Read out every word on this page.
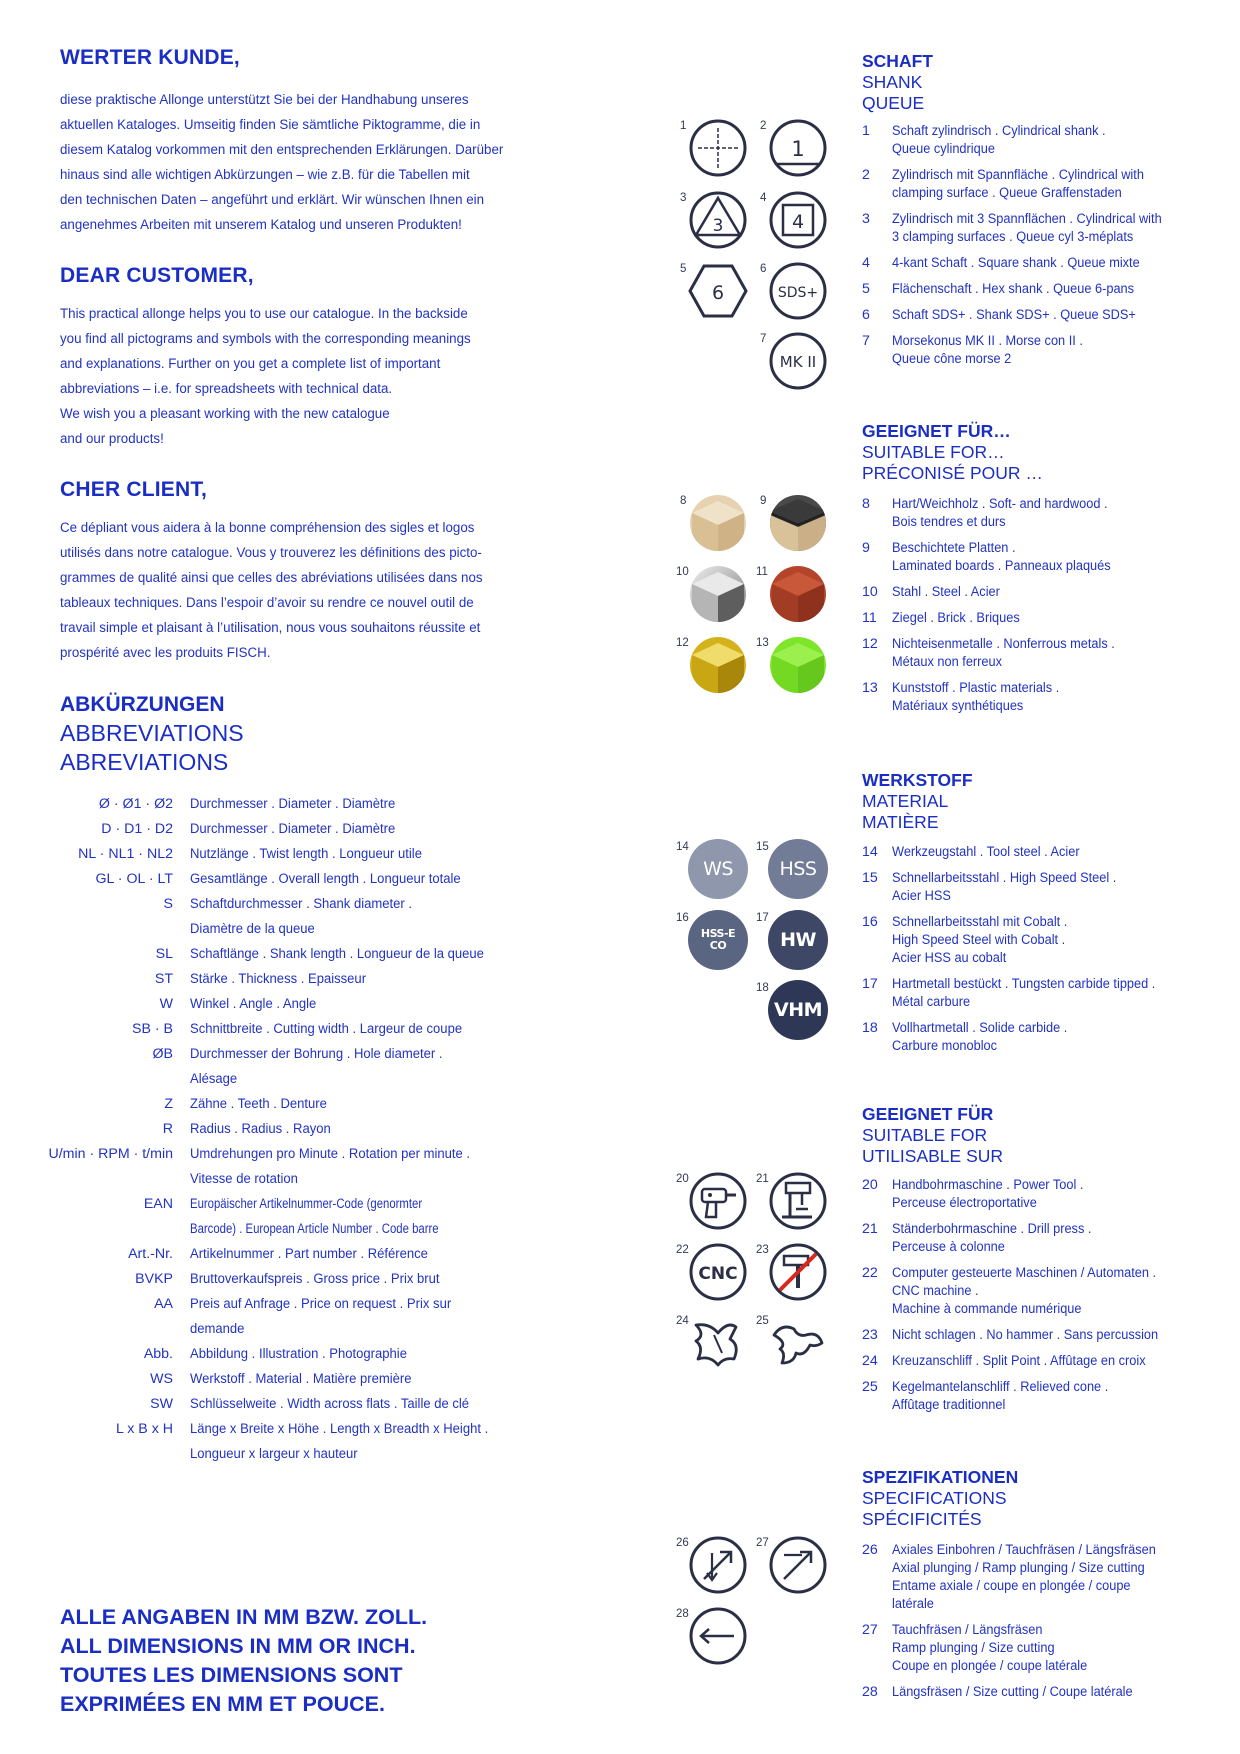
WERTER KUNDE,

diese praktische Allonge unterstützt Sie bei der Handhabung unseres

aktuellen Kataloges. Umseitig finden Sie sämtliche Piktogramme, die in

diesem Katalog vorkommen mit den entsprechenden Erklärungen. Darüber

hinaus sind alle wichtigen Abkürzungen – wie z.B. für die Tabellen mit

den technischen Daten – angeführt und erklärt. Wir wünschen Ihnen ein

angenehmes Arbeiten mit unserem Katalog und unseren Produkten!

DEAR CUSTOMER,

This practical allonge helps you to use our catalogue. In the backside

you find all pictograms and symbols with the corresponding meanings

and explanations. Further on you get a complete list of important

abbreviations – i.e. for spreadsheets with technical data.

We wish you a pleasant working with the new catalogue

and our products!

CHER CLIENT,

Ce dépliant vous aidera à la bonne compréhension des sigles et logos

utilisés dans notre catalogue. Vous y trouverez les définitions des picto-

grammes de qualité ainsi que celles des abréviations utilisées dans nos

tableaux techniques. Dans l’espoir d’avoir su rendre ce nouvel outil de

travail simple et plaisant à l’utilisation, nous vous souhaitons réussite et

prospérité avec les produits FISCH.

ABKÜRZUNGEN
ABBREVIATIONS
ABREVIATIONS
Ø · Ø1 · Ø2	Durchmesser . Diameter . Diamètre
D · D1 · D2	Durchmesser . Diameter . Diamètre
NL · NL1 · NL2	Nutzlänge . Twist length . Longueur utile
GL · OL · LT	Gesamtlänge . Overall length . Longueur totale
S	Schaftdurchmesser . Shank diameter .
Diamètre de la queue
SL	Schaftlänge . Shank length . Longueur de la queue
ST	Stärke . Thickness . Epaisseur
W	Winkel . Angle . Angle
SB · B	Schnittbreite . Cutting width . Largeur de coupe
ØB	Durchmesser der Bohrung . Hole diameter .
Alésage
Z	Zähne . Teeth . Denture
R	Radius . Radius . Rayon
U/min · RPM · t/min	Umdrehungen pro Minute . Rotation per minute .
Vitesse de rotation
EAN	Europäischer Artikelnummer-Code (genormter
Barcode) . European Article Number . Code barre
Art.-Nr.	Artikelnummer . Part number . Référence
BVKP	Bruttoverkaufspreis . Gross price . Prix brut
AA	Preis auf Anfrage . Price on request . Prix sur
demande
Abb.	Abbildung . Illustration . Photographie
WS	Werkstoff . Material . Matière première
SW	Schlüsselweite . Width across flats . Taille de clé
L x B x H	Länge x Breite x Höhe . Length x Breadth x Height .
Longueur x largeur x hauteur

ALLE ANGABEN IN MM BZW. ZOLL.

ALL DIMENSIONS IN MM OR INCH.

TOUTES LES DIMENSIONS SONT

EXPRIMÉES EN MM ET POUCE.

SCHAFT
SHANK
QUEUE
1	Schaft zylindrisch . Cylindrical shank .
Queue cylindrique
2	Zylindrisch mit Spannfläche . Cylindrical with
clamping surface . Queue Graffenstaden
3	Zylindrisch mit 3 Spannflächen . Cylindrical with
3 clamping surfaces . Queue cyl 3-méplats
4	4-kant Schaft . Square shank . Queue mixte
5	Flächenschaft . Hex shank . Queue 6-pans
6	Schaft SDS+ . Shank SDS+ . Queue SDS+
7	Morsekonus MK II . Morse con II .
Queue cône morse 2
GEEIGNET FÜR…
SUITABLE FOR…
PRÉCONISÉ POUR …
8	Hart/Weichholz . Soft- and hardwood .
Bois tendres et durs
9	Beschichtete Platten .
Laminated boards . Panneaux plaqués
10	Stahl . Steel . Acier
11	Ziegel . Brick . Briques
12	Nichteisenmetalle . Nonferrous metals .
Métaux non ferreux
13	Kunststoff . Plastic materials .
Matériaux synthétiques
WERKSTOFF
MATERIAL
MATIÈRE
14	Werkzeugstahl . Tool steel . Acier
15	Schnellarbeitsstahl . High Speed Steel .
Acier HSS
16	Schnellarbeitsstahl mit Cobalt .
High Speed Steel with Cobalt .
Acier HSS au cobalt
17	Hartmetall bestückt . Tungsten carbide tipped .
Métal carbure
18	Vollhartmetall . Solide carbide .
Carbure monobloc
GEEIGNET FÜR
SUITABLE FOR
UTILISABLE SUR
20	Handbohrmaschine . Power Tool .
Perceuse électroportative
21	Ständerbohrmaschine . Drill press .
Perceuse à colonne
22	Computer gesteuerte Maschinen / Automaten .
CNC machine .
Machine à commande numérique
23	Nicht schlagen . No hammer . Sans percussion
24	Kreuzanschliff . Split Point . Affûtage en croix
25	Kegelmantelanschliff . Relieved cone .
Affûtage traditionnel
SPEZIFIKATIONEN
SPECIFICATIONS
SPÉCIFICITÉS
26	Axiales Einbohren / Tauchfräsen / Längsfräsen
Axial plunging / Ramp plunging / Size cutting
Entame axiale / coupe en plongée / coupe
latérale
27	Tauchfräsen / Längsfräsen
Ramp plunging / Size cutting
Coupe en plongée / coupe latérale
28	Längsfräsen / Size cutting / Coupe latérale
1	2
3	4
5	6
7
8	9
10	11
12	13
14	15
16	17
18
20	21
22	23
24	25
26	27
28
1
3	4
6	SDS+
MK II
WS HSS
HSS-E
CO	HW
VHM
CNC
